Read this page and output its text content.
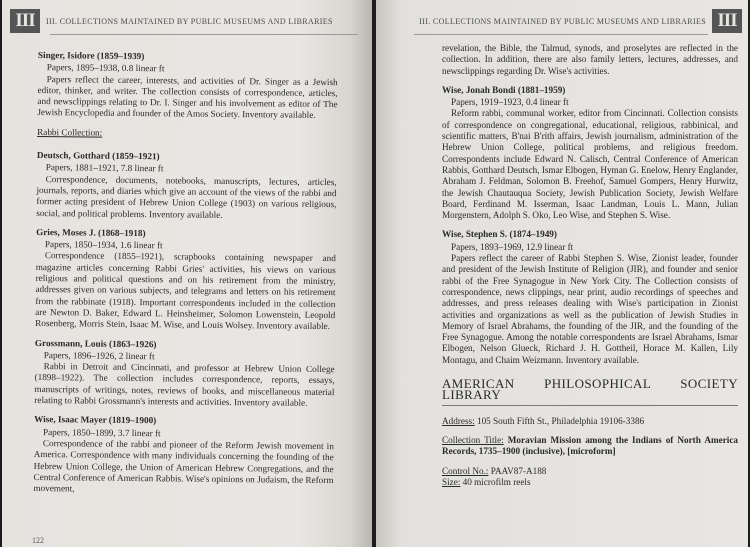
III	III. COLLECTIONS MAINTAINED BY PUBLIC MUSEUMS AND LIBRARIES
Singer, Isidore (1859–1939)
Papers, 1895–1938, 0.8 linear ft
Papers reflect the career, interests, and activities of Dr. Singer as a Jewish editor, thinker, and writer. The collection consists of correspondence, articles, and newsclippings relating to Dr. I. Singer and his involvement as editor of The Jewish Encyclopedia and founder of the Amos Society. Inventory available.
Rabbi Collection:
Deutsch, Gotthard (1859–1921)
Papers, 1881–1921, 7.8 linear ft
Correspondence, documents, notebooks, manuscripts, lectures, articles, journals, reports, and diaries which give an account of the views of the rabbi and former acting president of Hebrew Union College (1903) on various religious, social, and political problems. Inventory available.
Gries, Moses J. (1868–1918)
Papers, 1850–1934, 1.6 linear ft
Correspondence (1855–1921), scrapbooks containing newspaper and magazine articles concerning Rabbi Gries' activities, his views on various religious and political questions and on his retirement from the ministry, addresses given on various subjects, and telegrams and letters on his retirement from the rabbinate (1918). Important correspondents included in the collection are Newton D. Baker, Edward L. Heinsheimer, Solomon Lowenstein, Leopold Rosenberg, Morris Stein, Isaac M. Wise, and Louis Wolsey. Inventory available.
Grossmann, Louis (1863–1926)
Papers, 1896–1926, 2 linear ft
Rabbi in Detroit and Cincinnati, and professor at Hebrew Union College (1898–1922). The collection includes correspondence, reports, essays, manuscripts of writings, notes, reviews of books, and miscellaneous material relating to Rabbi Grossmann's interests and activities. Inventory available.
Wise, Isaac Mayer (1819–1900)
Papers, 1850–1899, 3.7 linear ft
Correspondence of the rabbi and pioneer of the Reform Jewish movement in America. Correspondence with many individuals concerning the founding of the Hebrew Union College, the Union of American Hebrew Congregations, and the Central Conference of American Rabbis. Wise's opinions on Judaism, the Reform movement,
122
III. COLLECTIONS MAINTAINED BY PUBLIC MUSEUMS AND LIBRARIES III
revelation, the Bible, the Talmud, synods, and proselytes are reflected in the collection. In addition, there are also family letters, lectures, addresses, and newsclippings regarding Dr. Wise's activities.
Wise, Jonah Bondi (1881–1959)
Papers, 1919–1923, 0.4 linear ft
Reform rabbi, communal worker, editor from Cincinnati. Collection consists of correspondence on congregational, educational, religious, rabbinical, and scientific matters, B'nai B'rith affairs, Jewish journalism, administration of the Hebrew Union College, political problems, and religious freedom. Correspondents include Edward N. Calisch, Central Conference of American Rabbis, Gotthard Deutsch, Ismar Elbogen, Hyman G. Enelow, Henry Englander, Abraham J. Feldman, Solomon B. Freehof, Samuel Gompers, Henry Hurwitz, the Jewish Chautauqua Society, Jewish Publication Society, Jewish Welfare Board, Ferdinand M. Isserman, Isaac Landman, Louis L. Mann, Julian Morgenstern, Adolph S. Oko, Leo Wise, and Stephen S. Wise.
Wise, Stephen S. (1874–1949)
Papers, 1893–1969, 12.9 linear ft
Papers reflect the career of Rabbi Stephen S. Wise, Zionist leader, founder and president of the Jewish Institute of Religion (JIR), and founder and senior rabbi of the Free Synagogue in New York City. The Collection consists of correspondence, news clippings, near print, audio recordings of speeches and addresses, and press releases dealing with Wise's participation in Zionist activities and organizations as well as the publication of Jewish Studies in Memory of Israel Abrahams, the founding of the JIR, and the founding of the Free Synagogue. Among the notable correspondents are Israel Abrahams, Ismar Elbogen, Nelson Glueck, Richard J. H. Gottheil, Horace M. Kallen, Lily Montagu, and Chaim Weizmann. Inventory available.
AMERICAN PHILOSOPHICAL SOCIETY LIBRARY
Address: 105 South Fifth St., Philadelphia 19106-3386
Collection Title: Moravian Mission among the Indians of North America Records, 1735–1900 (inclusive), [microform]
Control No.: PAAV87-A188
Size: 40 microfilm reels
